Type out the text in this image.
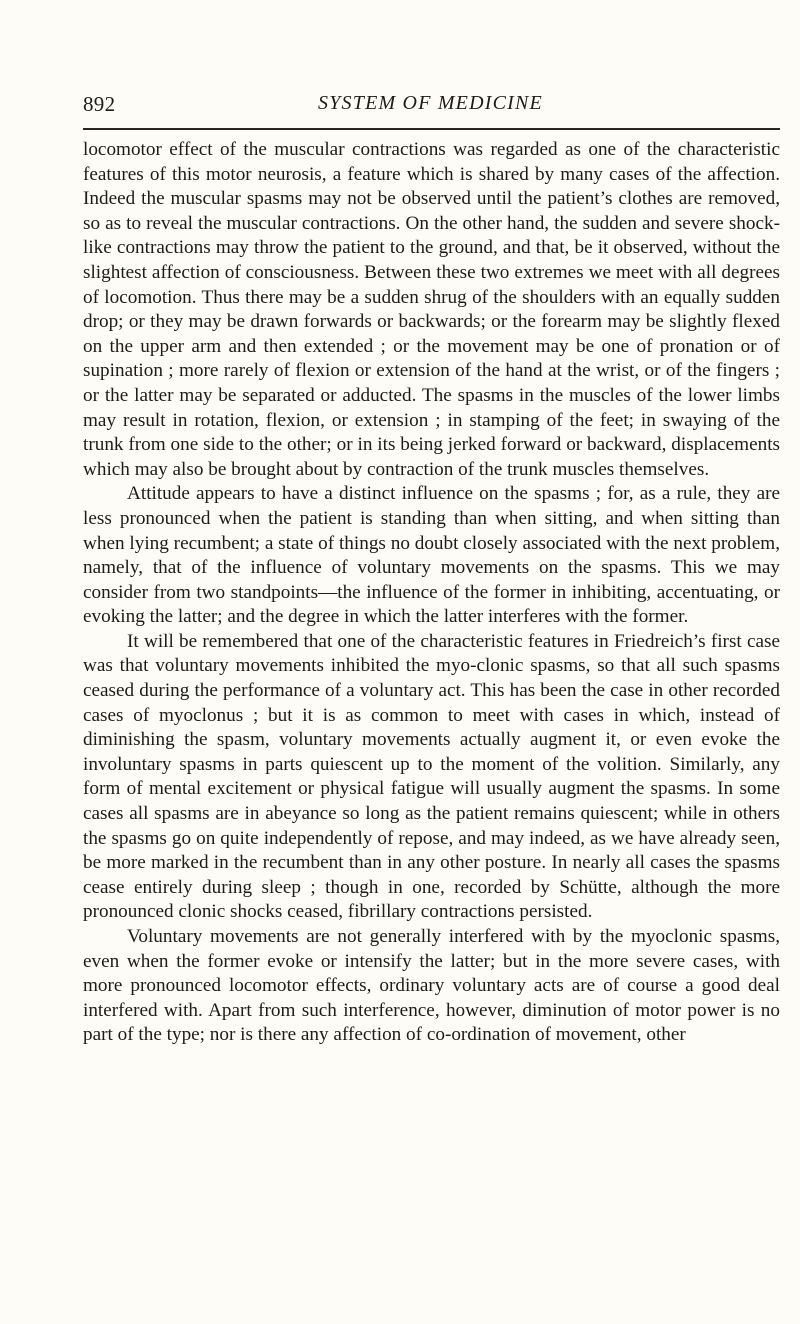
892	SYSTEM OF MEDICINE

locomotor effect of the muscular contractions was regarded as one of the characteristic features of this motor neurosis, a feature which is shared by many cases of the affection. Indeed the muscular spasms may not be observed until the patient’s clothes are removed, so as to reveal the muscular contractions. On the other hand, the sudden and severe shock-like contractions may throw the patient to the ground, and that, be it observed, without the slightest affection of consciousness. Between these two extremes we meet with all degrees of locomotion. Thus there may be a sudden shrug of the shoulders with an equally sudden drop; or they may be drawn forwards or backwards; or the forearm may be slightly flexed on the upper arm and then extended ; or the movement may be one of pronation or of supination ; more rarely of flexion or extension of the hand at the wrist, or of the fingers ; or the latter may be separated or adducted. The spasms in the muscles of the lower limbs may result in rotation, flexion, or extension ; in stamping of the feet; in swaying of the trunk from one side to the other; or in its being jerked forward or backward, displacements which may also be brought about by contraction of the trunk muscles themselves.

Attitude appears to have a distinct influence on the spasms ; for, as a rule, they are less pronounced when the patient is standing than when sitting, and when sitting than when lying recumbent; a state of things no doubt closely associated with the next problem, namely, that of the influence of voluntary movements on the spasms. This we may consider from two standpoints—the influence of the former in inhibiting, accentuating, or evoking the latter; and the degree in which the latter interferes with the former.

It will be remembered that one of the characteristic features in Friedreich’s first case was that voluntary movements inhibited the myo-clonic spasms, so that all such spasms ceased during the performance of a voluntary act. This has been the case in other recorded cases of myoclonus ; but it is as common to meet with cases in which, instead of diminishing the spasm, voluntary movements actually augment it, or even evoke the involuntary spasms in parts quiescent up to the moment of the volition. Similarly, any form of mental excitement or physical fatigue will usually augment the spasms. In some cases all spasms are in abeyance so long as the patient remains quiescent; while in others the spasms go on quite independently of repose, and may indeed, as we have already seen, be more marked in the recumbent than in any other posture. In nearly all cases the spasms cease entirely during sleep ; though in one, recorded by Schütte, although the more pronounced clonic shocks ceased, fibrillary contractions persisted.

Voluntary movements are not generally interfered with by the myoclonic spasms, even when the former evoke or intensify the latter; but in the more severe cases, with more pronounced locomotor effects, ordinary voluntary acts are of course a good deal interfered with. Apart from such interference, however, diminution of motor power is no part of the type; nor is there any affection of co-ordination of movement, other
